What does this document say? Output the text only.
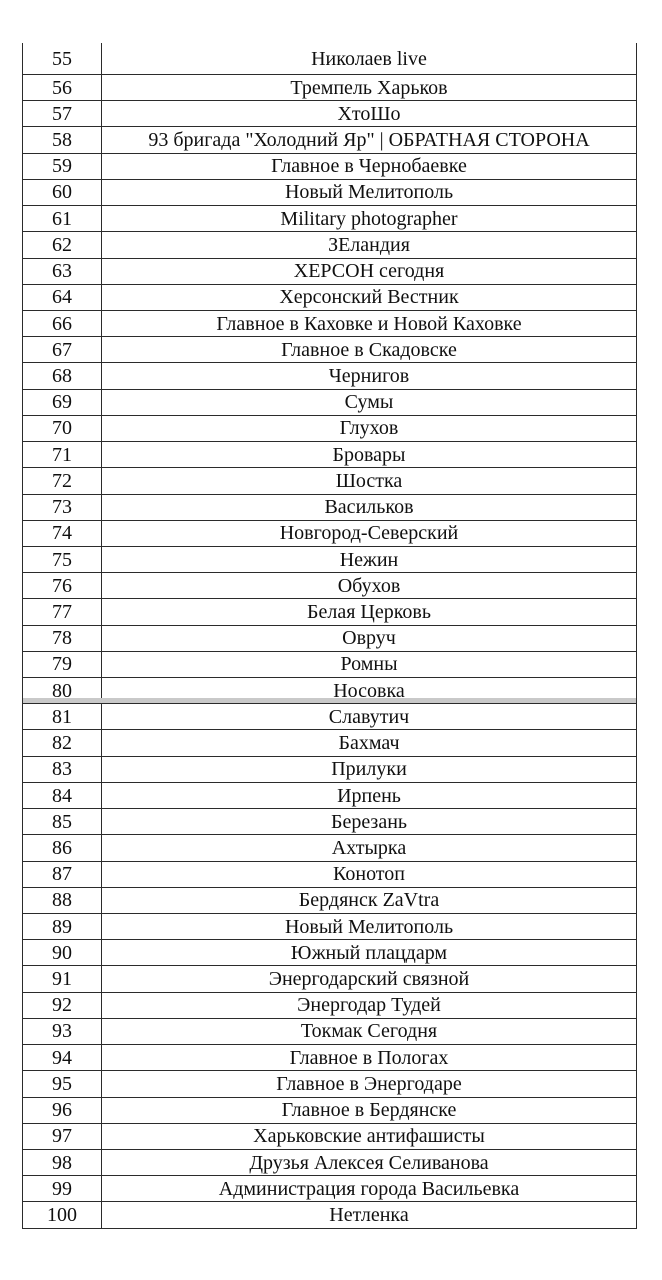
55	Николаев live
56	Тремпель Харьков
57	ХтоШо
58	93 бригада "Холодний Яр" | ОБРАТНАЯ СТОРОНА
59	Главное в Чернобаевке
60	Новый Мелитополь
61	Military photographer
62	ЗЕландия
63	ХЕРСОН сегодня
64	Херсонский Вестник
66	Главное в Каховке и Новой Каховке
67	Главное в Скадовске
68	Чернигов
69	Сумы
70	Глухов
71	Бровары
72	Шостка
73	Васильков
74	Новгород-Северский
75	Нежин
76	Обухов
77	Белая Церковь
78	Овруч
79	Ромны
80	Носовка
81	Славутич
82	Бахмач
83	Прилуки
84	Ирпень
85	Березань
86	Ахтырка
87	Конотоп
88	Бердянск ZaVtra
89	Новый Мелитополь
90	Южный плацдарм
91	Энергодарский связной
92	Энергодар Тудей
93	Токмак Сегодня
94	Главное в Пологах
95	Главное в Энергодаре
96	Главное в Бердянске
97	Харьковские антифашисты
98	Друзья Алексея Селиванова
99	Администрация города Васильевка
100	Нетленка
